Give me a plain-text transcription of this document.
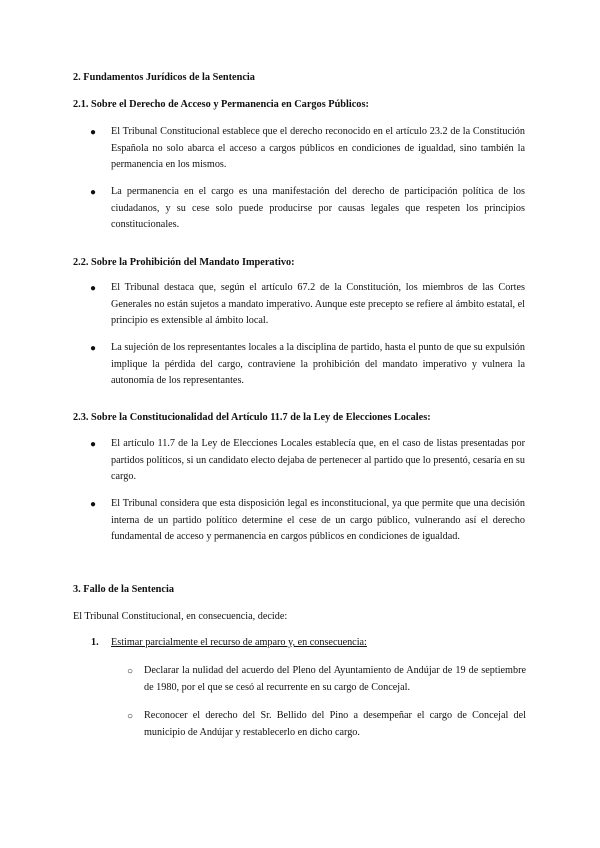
2. Fundamentos Jurídicos de la Sentencia
2.1. Sobre el Derecho de Acceso y Permanencia en Cargos Públicos:
● El Tribunal Constitucional establece que el derecho reconocido en el artículo 23.2 de la Constitución Española no solo abarca el acceso a cargos públicos en condiciones de igualdad, sino también la permanencia en los mismos.
● La permanencia en el cargo es una manifestación del derecho de participación política de los ciudadanos, y su cese solo puede producirse por causas legales que respeten los principios constitucionales.
2.2. Sobre la Prohibición del Mandato Imperativo:
● El Tribunal destaca que, según el artículo 67.2 de la Constitución, los miembros de las Cortes Generales no están sujetos a mandato imperativo. Aunque este precepto se refiere al ámbito estatal, el principio es extensible al ámbito local.
● La sujeción de los representantes locales a la disciplina de partido, hasta el punto de que su expulsión implique la pérdida del cargo, contraviene la prohibición del mandato imperativo y vulnera la autonomía de los representantes.
2.3. Sobre la Constitucionalidad del Artículo 11.7 de la Ley de Elecciones Locales:
● El artículo 11.7 de la Ley de Elecciones Locales establecía que, en el caso de listas presentadas por partidos políticos, si un candidato electo dejaba de pertenecer al partido que lo presentó, cesaría en su cargo.
● El Tribunal considera que esta disposición legal es inconstitucional, ya que permite que una decisión interna de un partido político determine el cese de un cargo público, vulnerando así el derecho fundamental de acceso y permanencia en cargos públicos en condiciones de igualdad.
3. Fallo de la Sentencia
El Tribunal Constitucional, en consecuencia, decide:
1. Estimar parcialmente el recurso de amparo y, en consecuencia:
○ Declarar la nulidad del acuerdo del Pleno del Ayuntamiento de Andújar de 19 de septiembre de 1980, por el que se cesó al recurrente en su cargo de Concejal.
○ Reconocer el derecho del Sr. Bellido del Pino a desempeñar el cargo de Concejal del municipio de Andújar y restablecerlo en dicho cargo.
